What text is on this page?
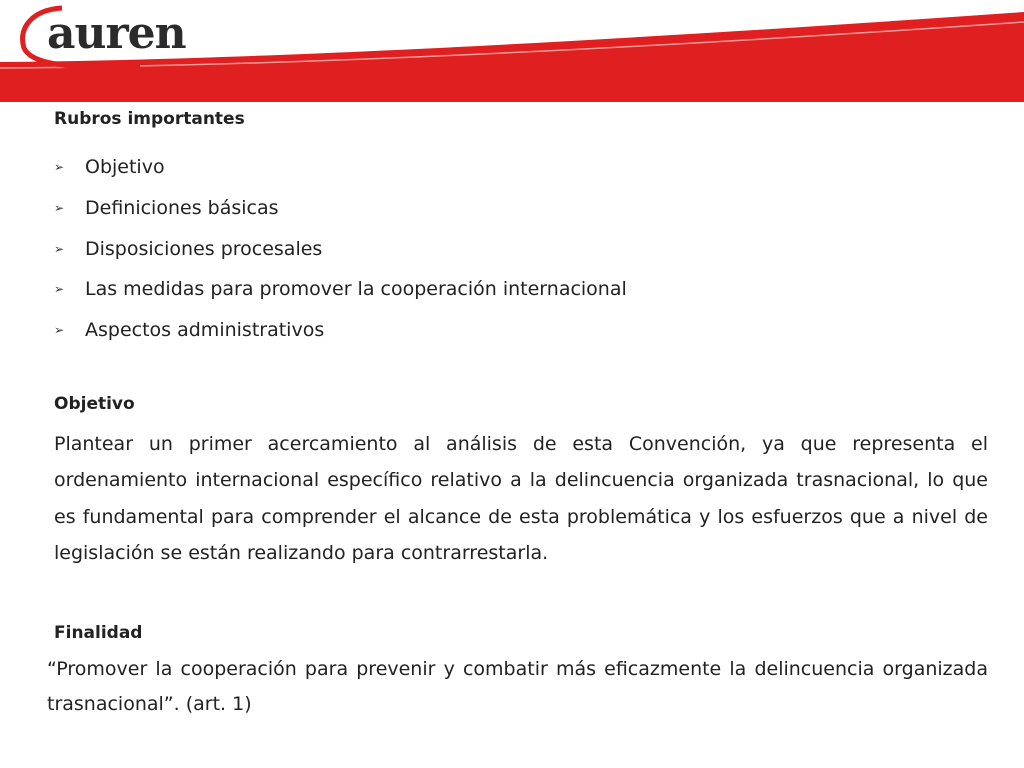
auren
Rubros importantes
➢	Objetivo
➢	Definiciones básicas
➢	Disposiciones procesales
➢	Las medidas para promover la cooperación internacional
➢	Aspectos administrativos
Objetivo

Plantear un primer acercamiento al análisis de esta Convención, ya que representa el ordenamiento internacional específico relativo a la delincuencia organizada trasnacional, lo que es fundamental para comprender el alcance de esta problemática y los esfuerzos que a nivel de legislación se están realizando para contrarrestarla.

Finalidad

“Promover la cooperación para prevenir y combatir más eficazmente la delincuencia organizada trasnacional”. (art. 1)
